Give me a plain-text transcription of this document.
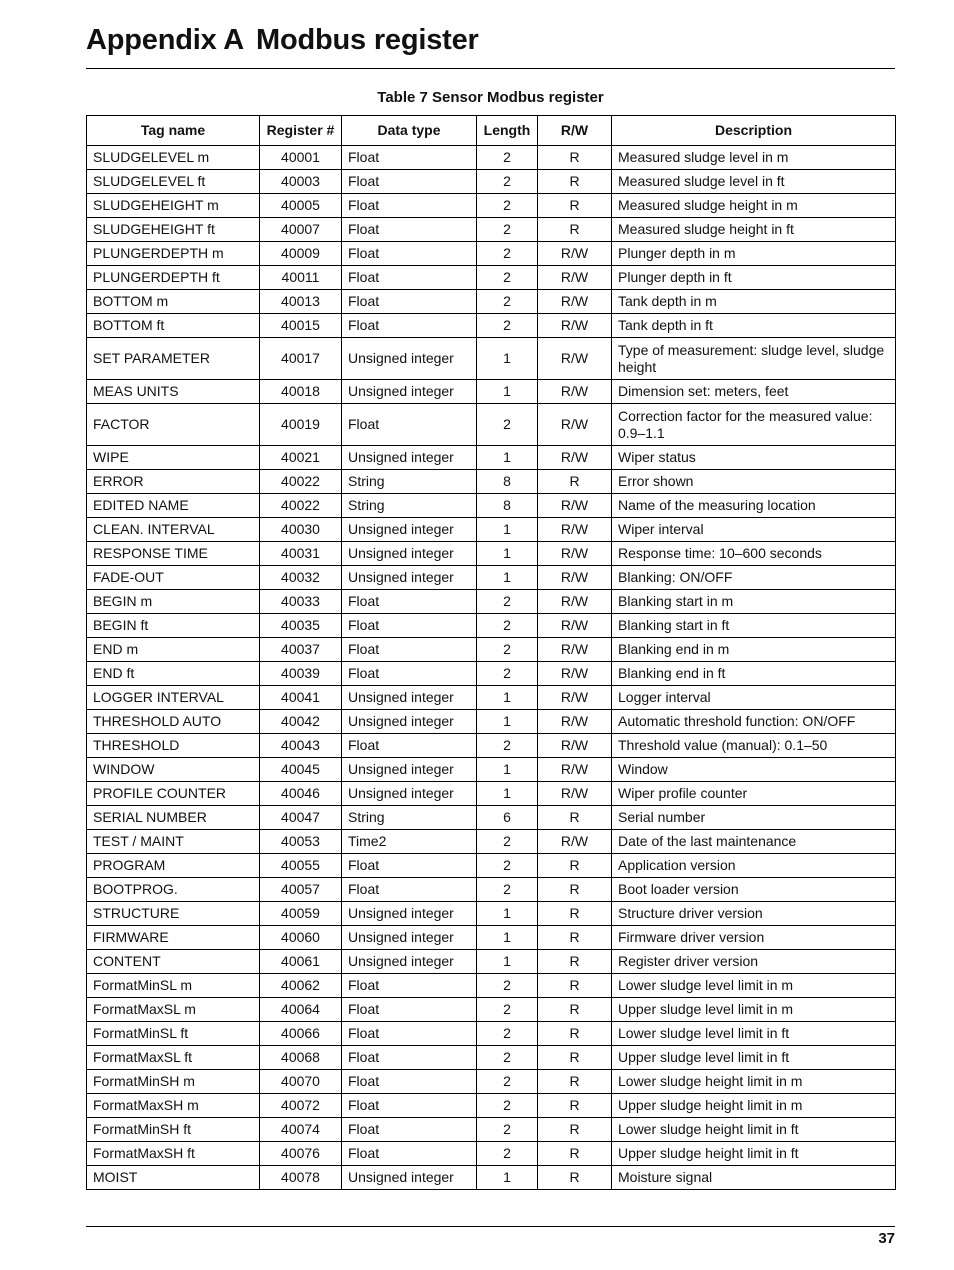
Appendix A Modbus register
Table 7 Sensor Modbus register
Tag name	Register #	Data type	Length	R/W	Description
SLUDGELEVEL m	40001	Float	2	R	Measured sludge level in m
SLUDGELEVEL ft	40003	Float	2	R	Measured sludge level in ft
SLUDGEHEIGHT m	40005	Float	2	R	Measured sludge height in m
SLUDGEHEIGHT ft	40007	Float	2	R	Measured sludge height in ft
PLUNGERDEPTH m	40009	Float	2	R/W	Plunger depth in m
PLUNGERDEPTH ft	40011	Float	2	R/W	Plunger depth in ft
BOTTOM m	40013	Float	2	R/W	Tank depth in m
BOTTOM ft	40015	Float	2	R/W	Tank depth in ft
SET PARAMETER	40017	Unsigned integer	1	R/W	Type of measurement: sludge level, sludge height
MEAS UNITS	40018	Unsigned integer	1	R/W	Dimension set: meters, feet
FACTOR	40019	Float	2	R/W	Correction factor for the measured value: 0.9–1.1
WIPE	40021	Unsigned integer	1	R/W	Wiper status
ERROR	40022	String	8	R	Error shown
EDITED NAME	40022	String	8	R/W	Name of the measuring location
CLEAN. INTERVAL	40030	Unsigned integer	1	R/W	Wiper interval
RESPONSE TIME	40031	Unsigned integer	1	R/W	Response time: 10–600 seconds
FADE-OUT	40032	Unsigned integer	1	R/W	Blanking: ON/OFF
BEGIN m	40033	Float	2	R/W	Blanking start in m
BEGIN ft	40035	Float	2	R/W	Blanking start in ft
END m	40037	Float	2	R/W	Blanking end in m
END ft	40039	Float	2	R/W	Blanking end in ft
LOGGER INTERVAL	40041	Unsigned integer	1	R/W	Logger interval
THRESHOLD AUTO	40042	Unsigned integer	1	R/W	Automatic threshold function: ON/OFF
THRESHOLD	40043	Float	2	R/W	Threshold value (manual): 0.1–50
WINDOW	40045	Unsigned integer	1	R/W	Window
PROFILE COUNTER	40046	Unsigned integer	1	R/W	Wiper profile counter
SERIAL NUMBER	40047	String	6	R	Serial number
TEST / MAINT	40053	Time2	2	R/W	Date of the last maintenance
PROGRAM	40055	Float	2	R	Application version
BOOTPROG.	40057	Float	2	R	Boot loader version
STRUCTURE	40059	Unsigned integer	1	R	Structure driver version
FIRMWARE	40060	Unsigned integer	1	R	Firmware driver version
CONTENT	40061	Unsigned integer	1	R	Register driver version
FormatMinSL m	40062	Float	2	R	Lower sludge level limit in m
FormatMaxSL m	40064	Float	2	R	Upper sludge level limit in m
FormatMinSL ft	40066	Float	2	R	Lower sludge level limit in ft
FormatMaxSL ft	40068	Float	2	R	Upper sludge level limit in ft
FormatMinSH m	40070	Float	2	R	Lower sludge height limit in m
FormatMaxSH m	40072	Float	2	R	Upper sludge height limit in m
FormatMinSH ft	40074	Float	2	R	Lower sludge height limit in ft
FormatMaxSH ft	40076	Float	2	R	Upper sludge height limit in ft
MOIST	40078	Unsigned integer	1	R	Moisture signal
37
